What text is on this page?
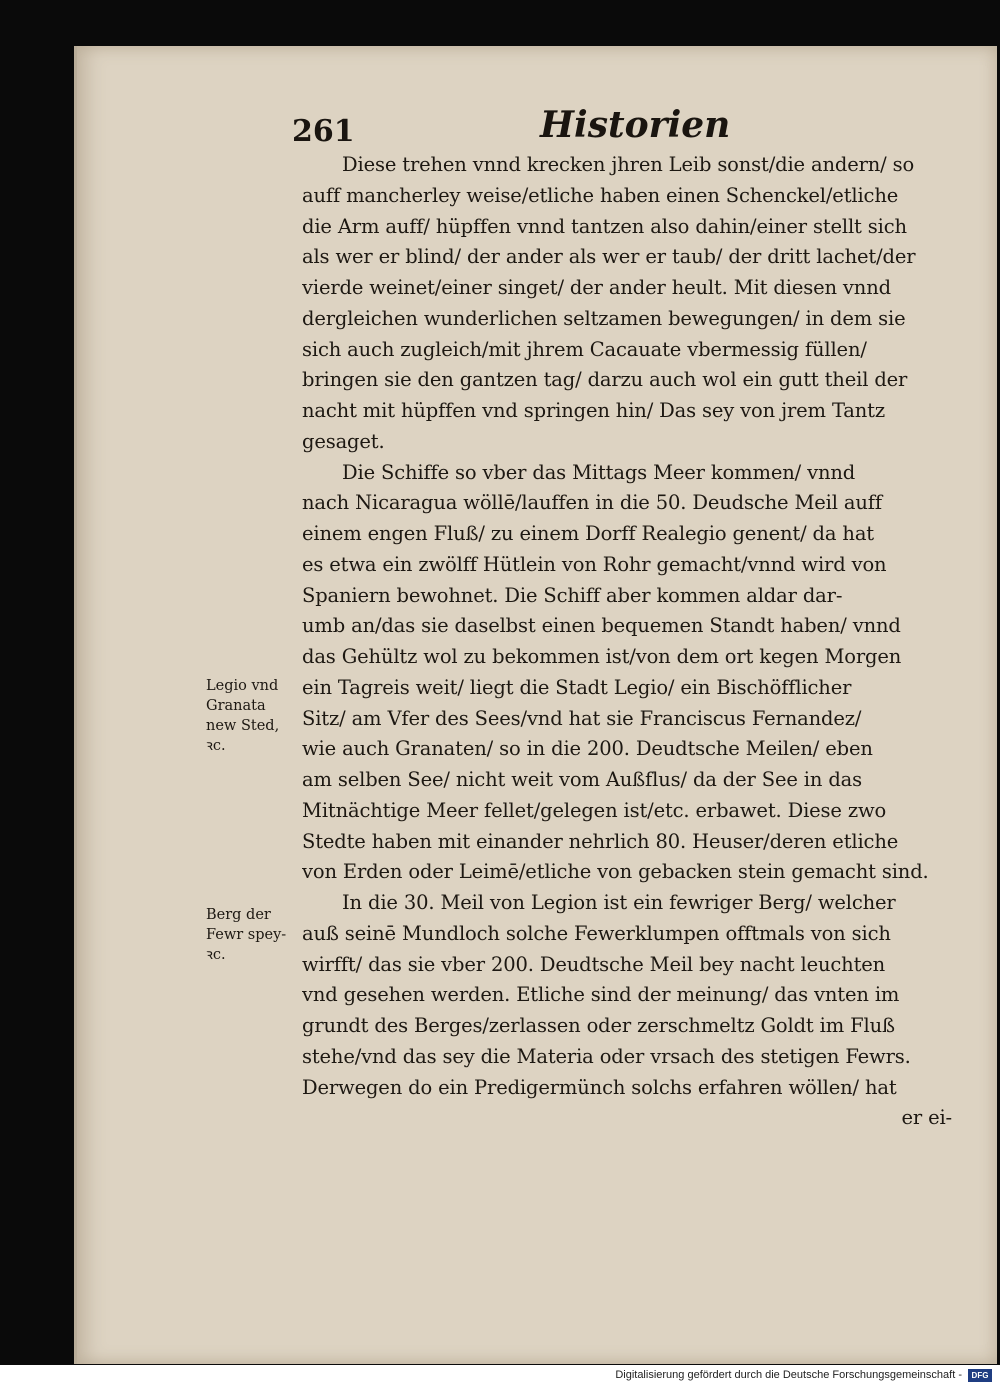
261	Historien
Diese trehen vnnd krecken jhren Leib sonst/die andern/ so
auff mancherley weise/etliche haben einen Schenckel/etliche
die Arm auff/ hüpffen vnnd tantzen also dahin/einer stellt sich
als wer er blind/ der ander als wer er taub/ der dritt lachet/der
vierde weinet/einer singet/ der ander heult. Mit diesen vnnd
dergleichen wunderlichen seltzamen bewegungen/ in dem sie
sich auch zugleich/mit jhrem Cacauate vbermessig füllen/
bringen sie den gantzen tag/ darzu auch wol ein gutt theil der
nacht mit hüpffen vnd springen hin/ Das sey von jrem Tantz
gesaget.
Die Schiffe so vber das Mittags Meer kommen/ vnnd
nach Nicaragua wöllē/lauffen in die 50. Deudsche Meil auff
einem engen Fluß/ zu einem Dorff Realegio genent/ da hat
es etwa ein zwölff Hütlein von Rohr gemacht/vnnd wird von
Spaniern bewohnet. Die Schiff aber kommen aldar dar-
umb an/das sie daselbst einen bequemen Standt haben/ vnnd
das Gehültz wol zu bekommen ist/von dem ort kegen Morgen
ein Tagreis weit/ liegt die Stadt Legio/ ein Bischöfflicher
Sitz/ am Vfer des Sees/vnd hat sie Franciscus Fernandez/
wie auch Granaten/ so in die 200. Deudtsche Meilen/ eben
am selben See/ nicht weit vom Außflus/ da der See in das
Mitnächtige Meer fellet/gelegen ist/etc. erbawet. Diese zwo
Stedte haben mit einander nehrlich 80. Heuser/deren etliche
von Erden oder Leimē/etliche von gebacken stein gemacht sind.
In die 30. Meil von Legion ist ein fewriger Berg/ welcher
auß seinē Mundloch solche Fewerklumpen offtmals von sich
wirfft/ das sie vber 200. Deudtsche Meil bey nacht leuchten
vnd gesehen werden. Etliche sind der meinung/ das vnten im
grundt des Berges/zerlassen oder zerschmeltz Goldt im Fluß
stehe/vnd das sey die Materia oder vrsach des stetigen Fewrs.
Derwegen do ein Predigermünch solchs erfahren wöllen/ hat
er ei-
Legio vnd
Granata
new Sted,
ꝛc.
Berg der
Fewr spey-
ꝛc.
Digitalisierung gefördert durch die Deutsche Forschungsgemeinschaft -	DFG
